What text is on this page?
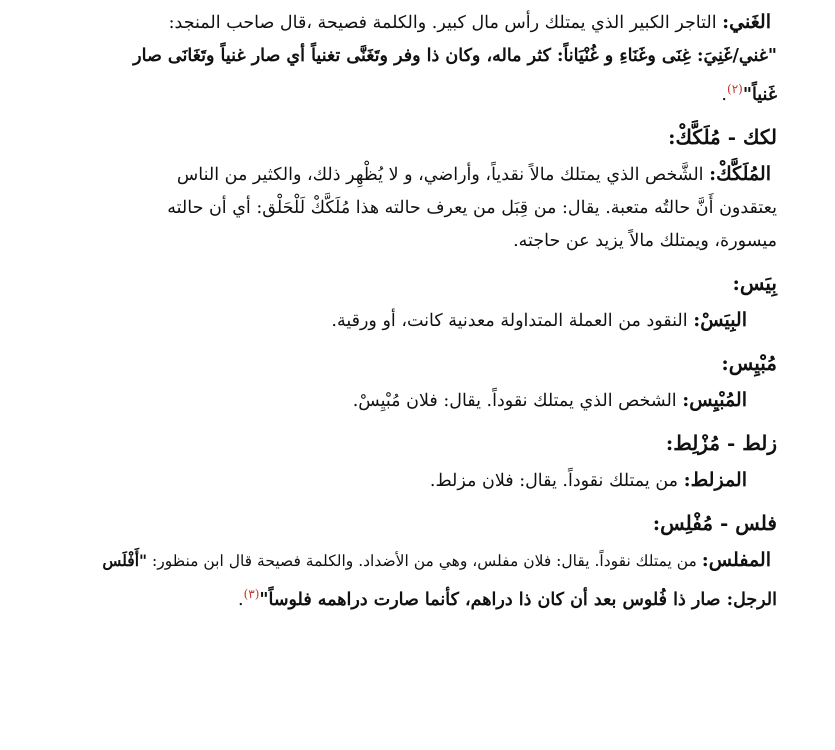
الغَني: التاجر الكبير الذي يمتلك رأس مال كبير. والكلمة فصيحة ،قال صاحب المنجد:

"غني/غَنِيَ: غِنَى وغَنَاءِ و غُنْيَاناً: كثر ماله، وكان ذا وفر وتَغَنَّى تغنياً أي صار غنياً وتَغَانَى صار

غَنياً"$^{(٢)}$.

لكك - مُلَكَّكْ:

المُلَكَّكْ: الشَّخص الذي يمتلك مالاً نقدياً، وأراضي، و لا يُظْهِر ذلك، والكثير من الناس

يعتقدون أَنَّ حالتُه متعبة. يقال: من قِبَل من يعرف حالته هذا مُلَكَّكْ لَلْحَلْق: أي أن حالته

ميسورة، ويمتلك مالاً يزيد عن حاجته.

بِيَس:

البِيَسْ: النقود من العملة المتداولة معدنية كانت، أو ورقية.

مُبْيِس:

المُبْيِس: الشخص الذي يمتلك نقوداً. يقال: فلان مُبْيِسْ.

زلط - مُزْلِط:

المزلط: من يمتلك نقوداً. يقال: فلان مزلط.

فلس - مُفْلِس:

المفلس: من يمتلك نقوداً. يقال: فلان مفلس، وهي من الأضداد. والكلمة فصيحة قال ابن منظور: "أَفْلَس

الرجل: صار ذا فُلوس بعد أن كان ذا دراهم، كأنما صارت دراهمه فلوساً"$^{(٣)}$.
